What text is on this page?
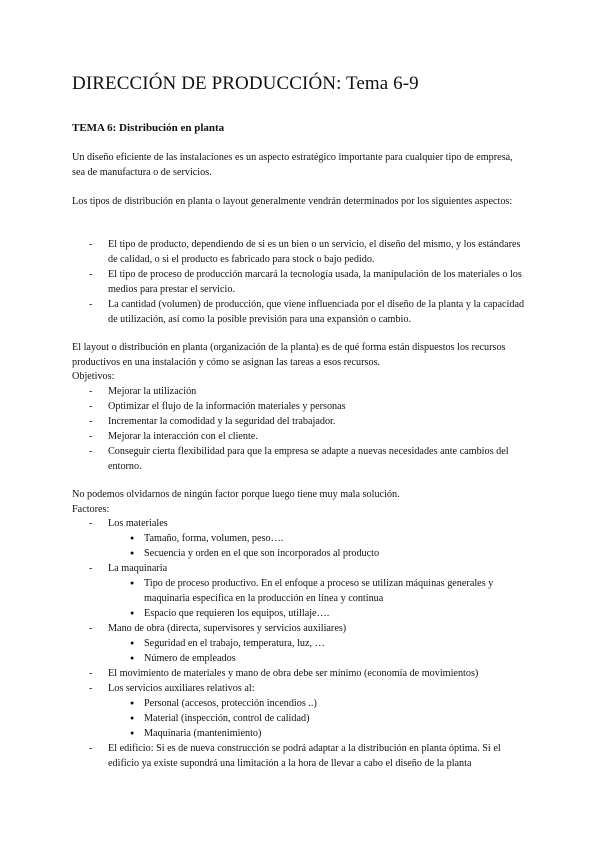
DIRECCIÓN DE PRODUCCIÓN: Tema 6-9
TEMA 6: Distribución en planta

Un diseño eficiente de las instalaciones es un aspecto estratégico importante para cualquier tipo de empresa, sea de manufactura o de servicios.

Los tipos de distribución en planta o layout generalmente vendrán determinados por los siguientes aspectos:

- El tipo de producto, dependiendo de si es un bien o un servicio, el diseño del mismo, y los estándares de calidad, o si el producto es fabricado para stock o bajo pedido.
- El tipo de proceso de producción marcará la tecnología usada, la manipulación de los materiales o los medios para prestar el servicio.
- La cantidad (volumen) de producción, que viene influenciada por el diseño de la planta y la capacidad de utilización, así como la posible previsión para una expansión o cambio.

El layout o distribución en planta (organización de la planta) es de qué forma están dispuestos los recursos productivos en una instalación y cómo se asignan las tareas a esos recursos.

Objetivos:

- Mejorar la utilización
- Optimizar el flujo de la información materiales y personas
- Incrementar la comodidad y la seguridad del trabajador.
- Mejorar la interacción con el cliente.
- Conseguir cierta flexibilidad para que la empresa se adapte a nuevas necesidades ante cambios del entorno.

No podemos olvidarnos de ningún factor porque luego tiene muy mala solución.

Factores:

- Los materiales
● Tamaño, forma, volumen, peso….
● Secuencia y orden en el que son incorporados al producto
- La maquinaria
● Tipo de proceso productivo. En el enfoque a proceso se utilizan máquinas generales y maquinaria específica en la producción en línea y continua
● Espacio que requieren los equipos, utillaje….
- Mano de obra (directa, supervisores y servicios auxiliares)
● Seguridad en el trabajo, temperatura, luz, …
● Número de empleados
- El movimiento de materiales y mano de obra debe ser mínimo (economía de movimientos)
- Los servicios auxiliares relativos al:
● Personal (accesos, protección incendios ..)
● Material (inspección, control de calidad)
● Maquinaria (mantenimiento)
- El edificio: Si es de nueva construcción se podrá adaptar a la distribución en planta óptima. Si el edificio ya existe supondrá una limitación a la hora de llevar a cabo el diseño de la planta
